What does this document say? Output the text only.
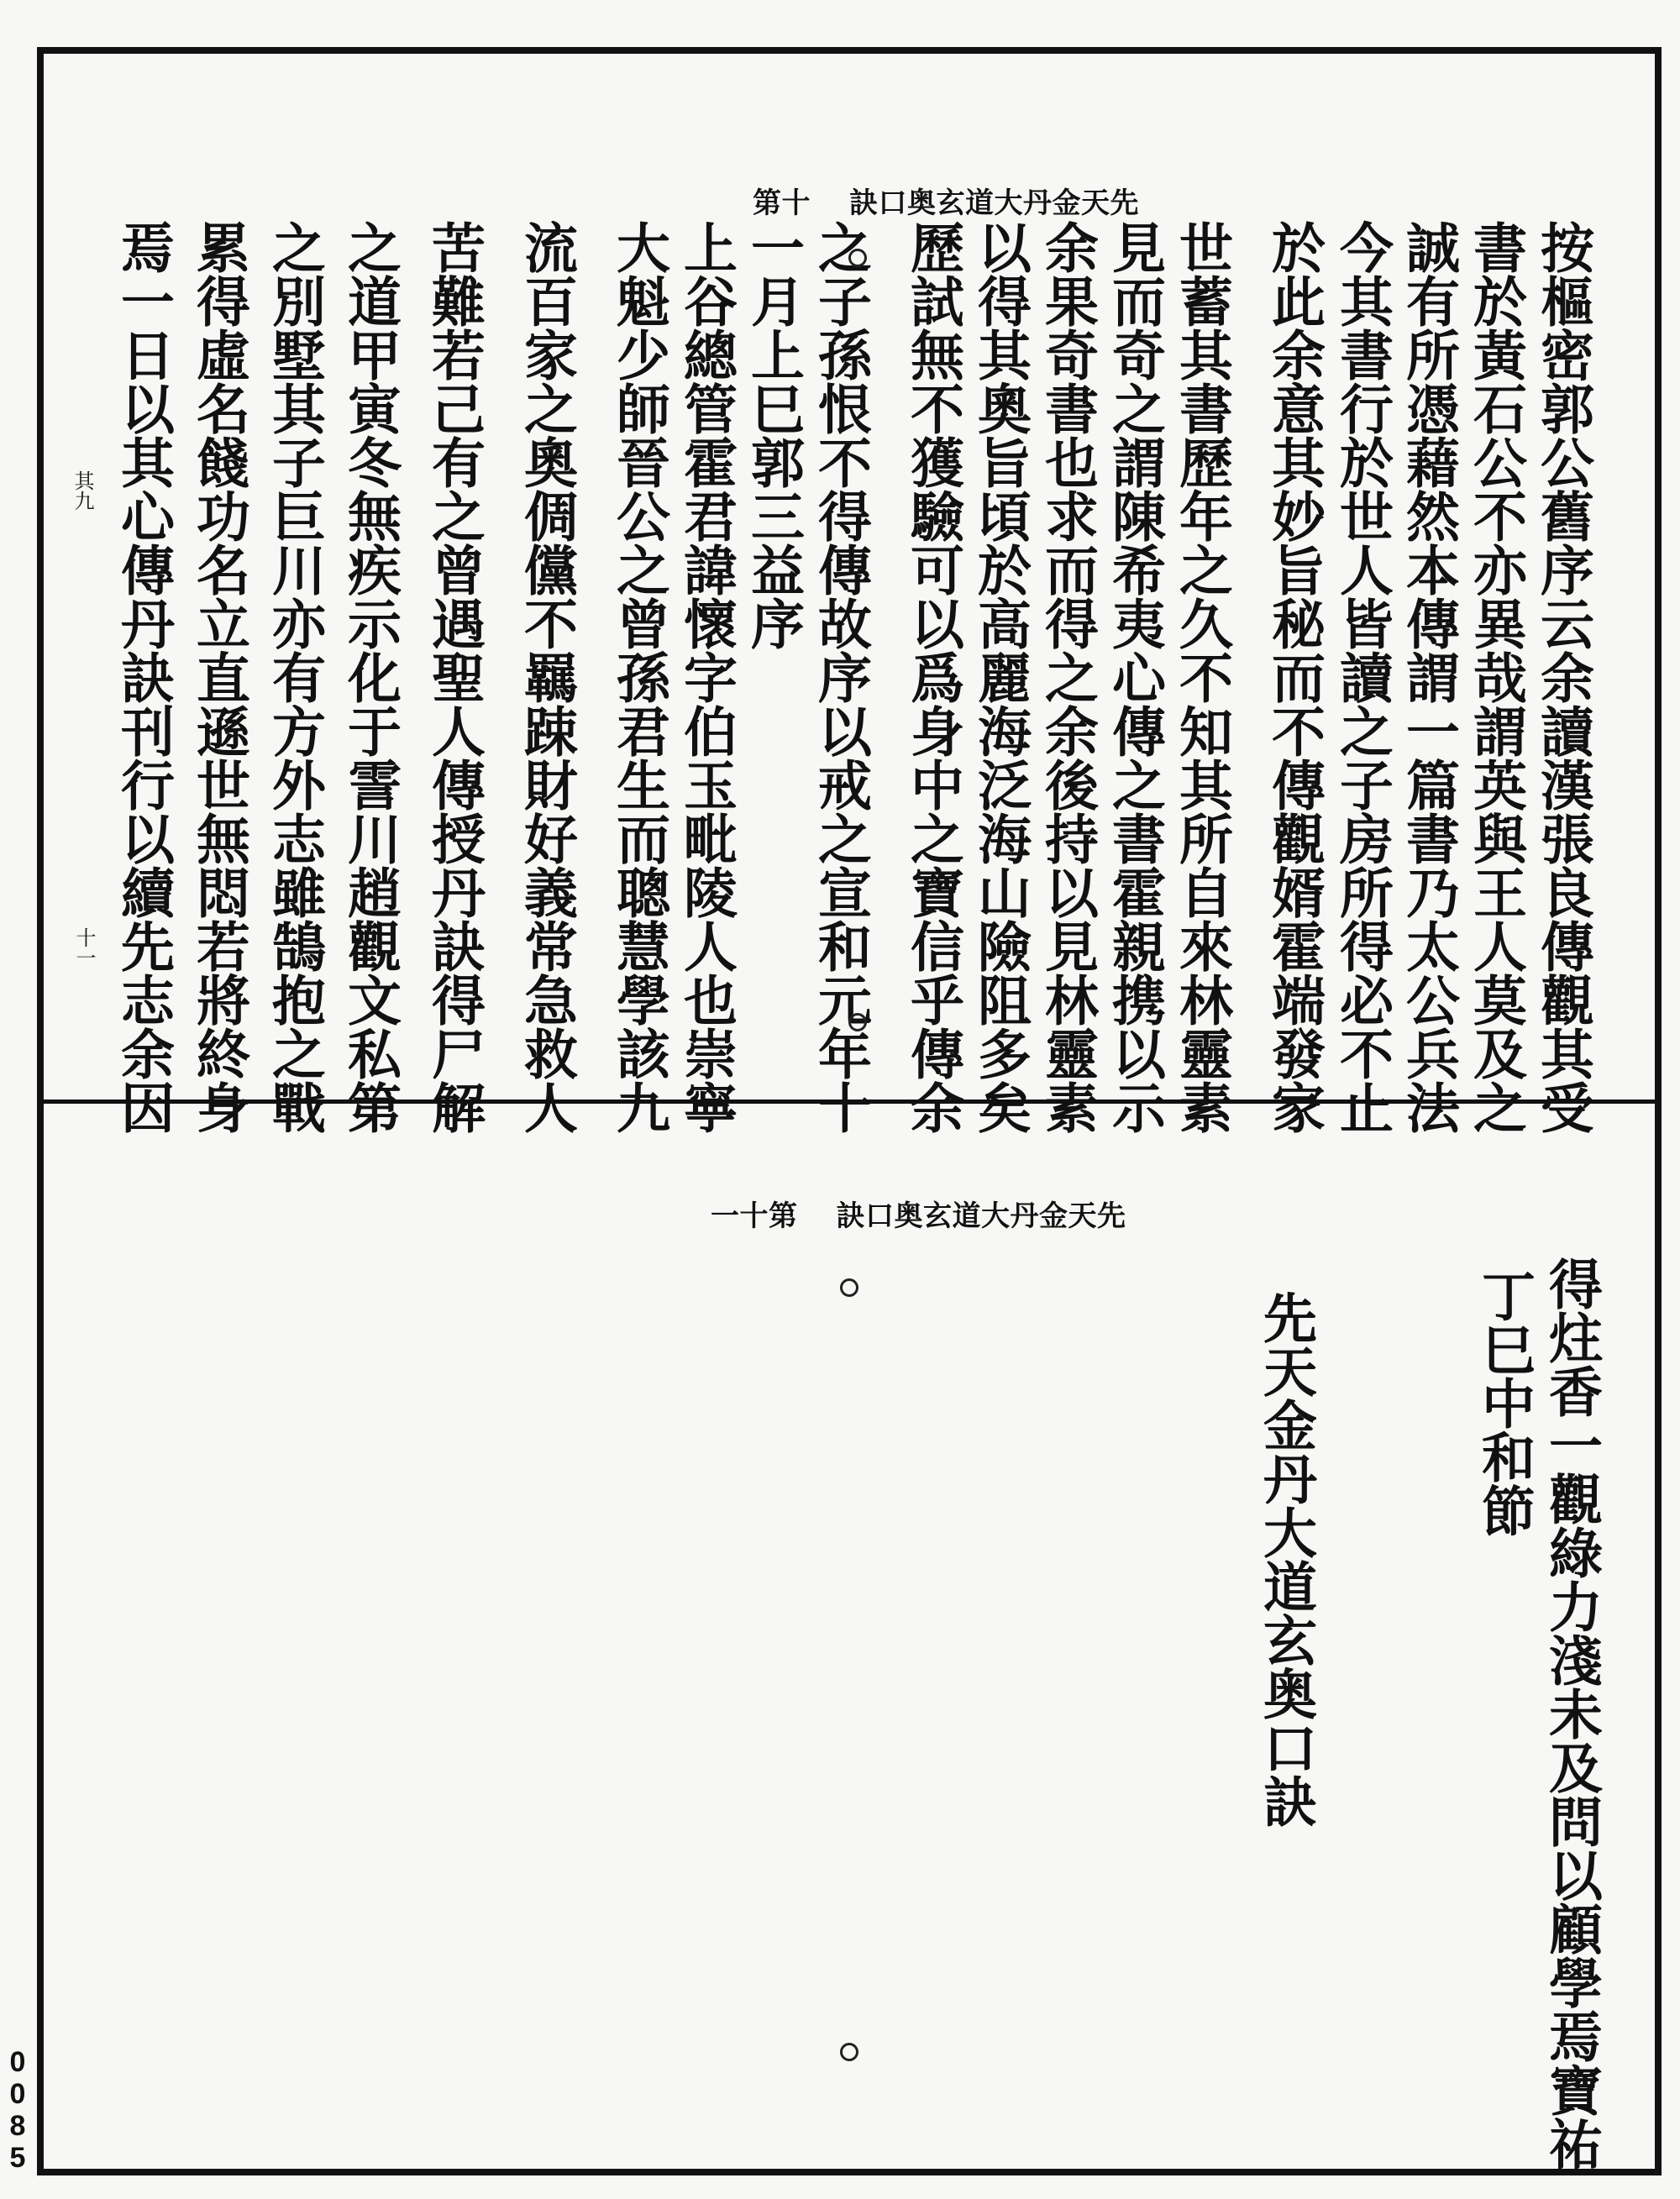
第十 先天金丹大道玄奥口訣
按樞密郭公舊序云余讀漢張良傳觀其受
書於黃石公不亦異哉謂英與王人莫及之
誠有所憑藉然本傳謂一篇書乃太公兵法
今其書行於世人皆讀之子房所得必不止
於此余意其妙旨秘而不傳觀婿霍端發家
世蓄其書歷年之久不知其所自來林靈素
見而奇之謂陳希夷心傳之書霍親携以示
余果奇書也求而得之余後持以見林靈素
以得其奧旨頃於高麗海泛海山險阻多矣
歷試無不獲驗可以爲身中之寶信乎傳余
之子孫恨不得傳故序以戒之宣和元年十
一月上巳郭三益序
上谷總管霍君諱懷字伯玉毗陵人也崇寧
大魁少師晉公之曾孫君生而聰慧學該九
流百家之奧倜儻不羈踈財好義常急救人
苦難若己有之曾遇聖人傳授丹訣得尸解
之道甲寅冬無疾示化于霅川趙觀文私第
之別墅其子巨川亦有方外志雖鵠抱之戰
累得虛名餞功名立直遜世無悶若將終身
焉一日以其心傳丹訣刊行以續先志余因
其九
十一
第十一 先天金丹大道玄奥口訣
得炷香一觀綠力淺未及問以顧學焉寶祐
丁巳中和節
先天金丹大道玄奥口訣
0085
